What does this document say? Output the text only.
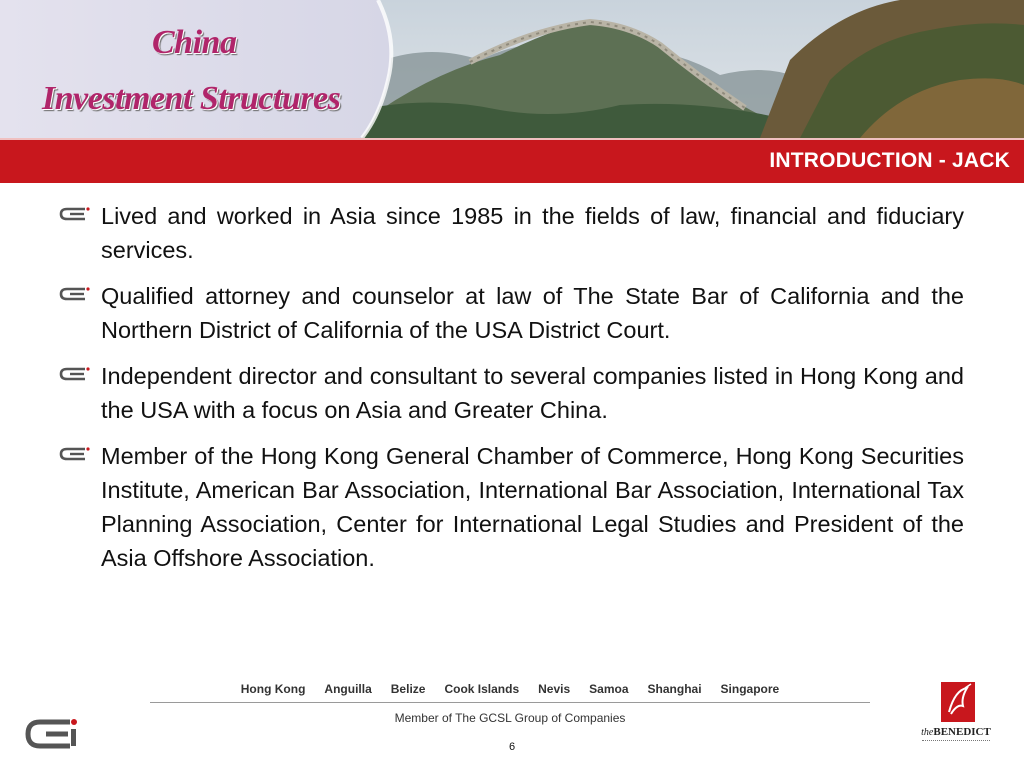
China
Investment Structures
INTRODUCTION - JACK
Lived and worked in Asia since 1985 in the fields of law, financial and fiduciary services.
Qualified attorney and counselor at law of The State Bar of California and the Northern District of California of the USA District Court.
Independent director and consultant to several companies listed in Hong Kong and the USA with a focus on Asia and Greater China.
Member of the Hong Kong General Chamber of Commerce, Hong Kong Securities Institute, American Bar Association, International Bar Association, International Tax Planning Association, Center for International Legal Studies and President of the Asia Offshore Association.
Hong Kong Anguilla Belize Cook Islands Nevis Samoa Shanghai Singapore
Member of The GCSL Group of Companies
6
theBENEDICT
